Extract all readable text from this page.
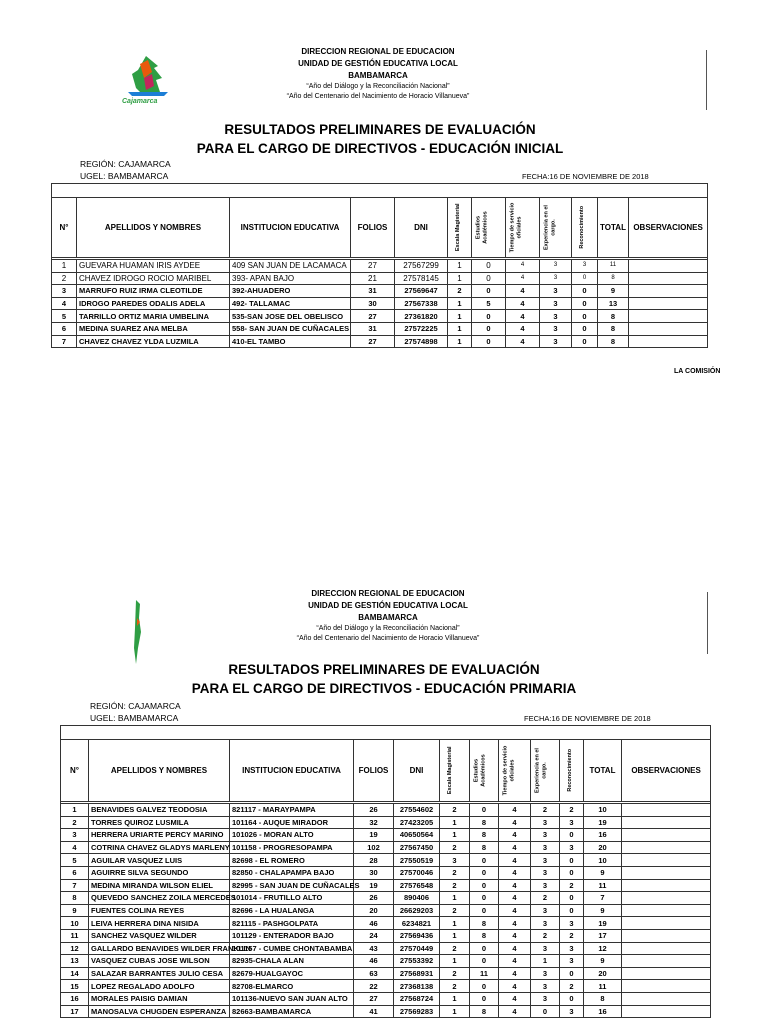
Cajamarca
DIRECCION REGIONAL DE EDUCACION
UNIDAD DE GESTIÓN EDUCATIVA LOCAL
BAMBAMARCA
“Año del Diálogo y la Reconciliación Nacional”
“Año del Centenario del Nacimiento de Horacio Villanueva”
RESULTADOS PRELIMINARES DE EVALUACIÓN
PARA EL CARGO DE DIRECTIVOS - EDUCACIÓN INICIAL
REGIÓN: CAJAMARCA
UGEL: BAMBAMARCA	FECHA:16 DE NOVIEMBRE DE 2018

N°	APELLIDOS Y NOMBRES	INSTITUCION EDUCATIVA	FOLIOS	DNI	Escala Magisterial	Estudios Académicos	Tiempo de servicio oficiales	Experiencia en el cargo.	Reconocimiento	TOTAL	OBSERVACIONES

1	GUEVARA HUAMAN IRIS AYDEE	409 SAN JUAN DE LACAMACA	27	27567299	1	0	4	3	3	11	
2	CHAVEZ IDROGO ROCIO MARIBEL	393- APAN BAJO	21	27578145	1	0	4	3	0	8	
3	MARRUFO RUIZ IRMA CLEOTILDE	392-AHUADERO	31	27569647	2	0	4	3	0	9	
4	IDROGO PAREDES ODALIS ADELA	492- TALLAMAC	30	27567338	1	5	4	3	0	13	
5	TARRILLO ORTIZ MARIA UMBELINA	535-SAN JOSE DEL OBELISCO	27	27361820	1	0	4	3	0	8	
6	MEDINA SUAREZ ANA MELBA	558- SAN JUAN DE CUÑACALES	31	27572225	1	0	4	3	0	8	
7	CHAVEZ CHAVEZ YLDA LUZMILA	410-EL TAMBO	27	27574898	1	0	4	3	0	8	
LA COMISIÓN
DIRECCION REGIONAL DE EDUCACION
UNIDAD DE GESTIÓN EDUCATIVA LOCAL
BAMBAMARCA
“Año del Diálogo y la Reconciliación Nacional”
“Año del Centenario del Nacimiento de Horacio Villanueva”
RESULTADOS PRELIMINARES DE EVALUACIÓN
PARA EL CARGO DE DIRECTIVOS - EDUCACIÓN PRIMARIA
REGIÓN: CAJAMARCA
UGEL: BAMBAMARCA	FECHA:16 DE NOVIEMBRE DE 2018

N°	APELLIDOS Y NOMBRES	INSTITUCION EDUCATIVA	FOLIOS	DNI	Escala Magisterial	Estudios Académicos	Tiempo de servicio oficiales	Experiencia en el cargo.	Reconocimiento	TOTAL	OBSERVACIONES

1	BENAVIDES GALVEZ TEODOSIA	821117 - MARAYPAMPA	26	27554602	2	0	4	2	2	10	
2	TORRES QUIROZ LUSMILA	101164 - AUQUE MIRADOR	32	27423205	1	8	4	3	3	19	
3	HERRERA URIARTE PERCY MARINO	101026 - MORAN ALTO	19	40650564	1	8	4	3	0	16	
4	COTRINA CHAVEZ GLADYS MARLENY	101158 - PROGRESOPAMPA	102	27567450	2	8	4	3	3	20	
5	AGUILAR VASQUEZ LUIS	82698 - EL ROMERO	28	27550519	3	0	4	3	0	10	
6	AGUIRRE SILVA SEGUNDO	82850 - CHALAPAMPA BAJO	30	27570046	2	0	4	3	0	9	
7	MEDINA MIRANDA WILSON ELIEL	82995 - SAN JUAN DE CUÑACALES	19	27576548	2	0	4	3	2	11	
8	QUEVEDO SANCHEZ ZOILA MERCEDES	101014 - FRUTILLO ALTO	26	890406	1	0	4	2	0	7	
9	FUENTES COLINA REYES	82696 - LA HUALANGA	20	26629203	2	0	4	3	0	9	
10	LEIVA HERRERA DINA NISIDA	821115 - PASHGOLPATA	46	6234821	1	8	4	3	3	19	
11	SANCHEZ VASQUEZ WILDER	101129 - ENTERADOR BAJO	24	27569436	1	8	4	2	2	17	
12	GALLARDO BENAVIDES WILDER FRANKLIN	101157 - CUMBE CHONTABAMBA	43	27570449	2	0	4	3	3	12	
13	VASQUEZ CUBAS JOSE WILSON	82935-CHALA ALAN	46	27553392	1	0	4	1	3	9	
14	SALAZAR BARRANTES JULIO CESA	82679-HUALGAYOC	63	27568931	2	11	4	3	0	20	
15	LOPEZ REGALADO ADOLFO	82708-ELMARCO	22	27368138	2	0	4	3	2	11	
16	MORALES PAISIG DAMIAN	101136-NUEVO SAN JUAN ALTO	27	27568724	1	0	4	3	0	8	
17	MANOSALVA CHUGDEN ESPERANZA	82663-BAMBAMARCA	41	27569283	1	8	4	0	3	16	
